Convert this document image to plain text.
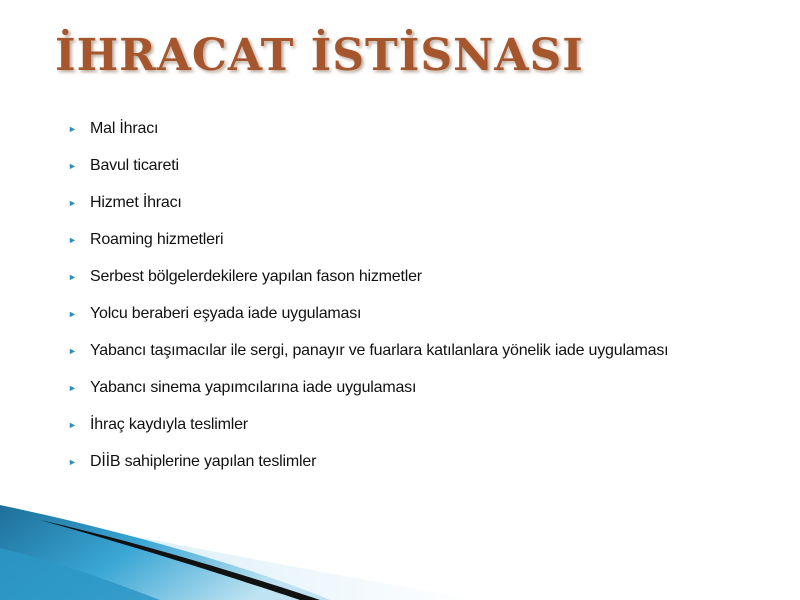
İHRACAT İSTİSNASI
► Mal İhracı
► Bavul ticareti
► Hizmet İhracı
► Roaming hizmetleri
► Serbest bölgelerdekilere yapılan fason hizmetler
► Yolcu beraberi eşyada iade uygulaması
► Yabancı taşımacılar ile sergi, panayır ve fuarlara katılanlara yönelik iade uygulaması
► Yabancı sinema yapımcılarına iade uygulaması
► İhraç kaydıyla teslimler
► DİİB sahiplerine yapılan teslimler
